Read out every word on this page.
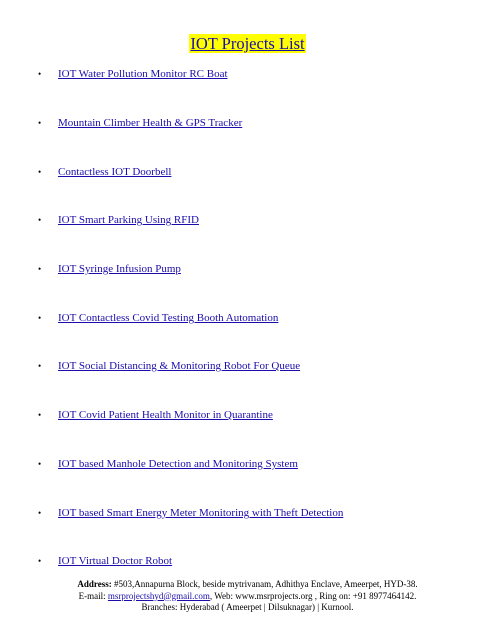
IOT Projects List
•	IOT Water Pollution Monitor RC Boat
•	Mountain Climber Health & GPS Tracker
•	Contactless IOT Doorbell
•	IOT Smart Parking Using RFID
•	IOT Syringe Infusion Pump
•	IOT Contactless Covid Testing Booth Automation
•	IOT Social Distancing & Monitoring Robot For Queue
•	IOT Covid Patient Health Monitor in Quarantine
•	IOT based Manhole Detection and Monitoring System
•	IOT based Smart Energy Meter Monitoring with Theft Detection
•	IOT Virtual Doctor Robot
Address: #503,Annapurna Block, beside mytrivanam, Adhithya Enclave, Ameerpet, HYD-38.
E-mail: msrprojectshyd@gmail.com, Web: www.msrprojects.org , Ring on: +91 8977464142.
Branches: Hyderabad ( Ameerpet | Dilsuknagar) | Kurnool.
